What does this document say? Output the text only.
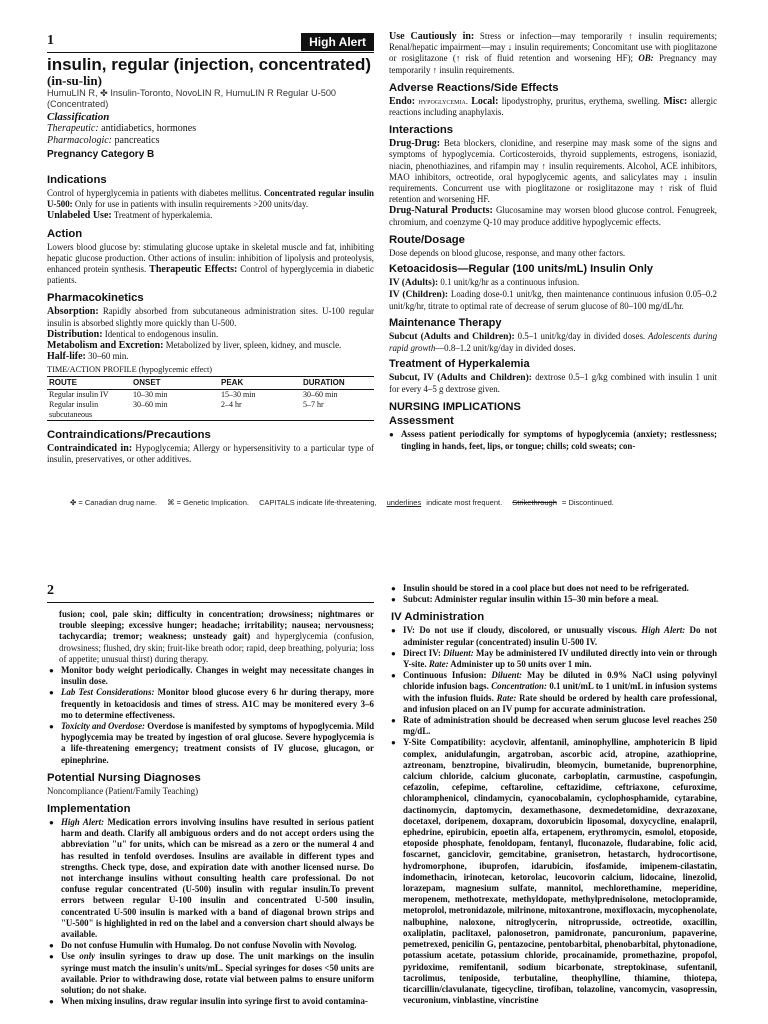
1	High Alert

insulin, regular (injection, concentrated)

(in-su-lin)

HumuLIN R, ✤ Insulin-Toronto, NovoLIN R, HumuLIN R Regular U-500

(Concentrated)

Classification

Therapeutic: antidiabetics, hormones

Pharmacologic: pancreatics

Pregnancy Category B

Indications

Control of hyperglycemia in patients with diabetes mellitus. Concentrated regular insulin U-500: Only for use in patients with insulin requirements >200 units/day.

Unlabeled Use: Treatment of hyperkalemia.

Action

Lowers blood glucose by: stimulating glucose uptake in skeletal muscle and fat, inhibiting hepatic glucose production. Other actions of insulin: inhibition of lipolysis and proteolysis, enhanced protein synthesis. Therapeutic Effects: Control of hyperglycemia in diabetic patients.

Pharmacokinetics

Absorption: Rapidly absorbed from subcutaneous administration sites. U-100 regular insulin is absorbed slightly more quickly than U-500.

Distribution: Identical to endogenous insulin.

Metabolism and Excretion: Metabolized by liver, spleen, kidney, and muscle.

Half-life: 30–60 min.

TIME/ACTION PROFILE (hypoglycemic effect)

ROUTE	ONSET	PEAK	DURATION
Regular insulin IV	10–30 min	15–30 min	30–60 min
Regular insulin subcutaneous	30–60 min	2–4 hr	5–7 hr
Contraindications/Precautions

Contraindicated in: Hypoglycemia; Allergy or hypersensitivity to a particular type of insulin, preservatives, or other additives.

Use Cautiously in: Stress or infection—may temporarily ↑ insulin requirements; Renal/hepatic impairment—may ↓ insulin requirements; Concomitant use with pioglitazone or rosiglitazone (↑ risk of fluid retention and worsening HF); OB: Pregnancy may temporarily ↑ insulin requirements.

Adverse Reactions/Side Effects

Endo: hypoglycemia. Local: lipodystrophy, pruritus, erythema, swelling. Misc: allergic reactions including anaphylaxis.

Interactions

Drug-Drug: Beta blockers, clonidine, and reserpine may mask some of the signs and symptoms of hypoglycemia. Corticosteroids, thyroid supplements, estrogens, isoniazid, niacin, phenothiazines, and rifampin may ↑ insulin requirements. Alcohol, ACE inhibitors, MAO inhibitors, octreotide, oral hypoglycemic agents, and salicylates may ↓ insulin requirements. Concurrent use with pioglitazone or rosiglitazone may ↑ risk of fluid retention and worsening HF.

Drug-Natural Products: Glucosamine may worsen blood glucose control. Fenugreek, chromium, and coenzyme Q-10 may produce additive hypoglycemic effects.

Route/Dosage

Dose depends on blood glucose, response, and many other factors.

Ketoacidosis—Regular (100 units/mL) Insulin Only

IV (Adults): 0.1 unit/kg/hr as a continuous infusion.

IV (Children): Loading dose-0.1 unit/kg, then maintenance continuous infusion 0.05–0.2 unit/kg/hr, titrate to optimal rate of decrease of serum glucose of 80–100 mg/dL/hr.

Maintenance Therapy

Subcut (Adults and Children): 0.5–1 unit/kg/day in divided doses. Adolescents during rapid growth—0.8–1.2 unit/kg/day in divided doses.

Treatment of Hyperkalemia

Subcut, IV (Adults and Children): dextrose 0.5–1 g/kg combined with insulin 1 unit for every 4–5 g dextrose given.

NURSING IMPLICATIONS
Assessment
● Assess patient periodically for symptoms of hypoglycemia (anxiety; restlessness; tingling in hands, feet, lips, or tongue; chills; cold sweats; con-
✤ = Canadian drug name. ⌘ = Genetic Implication. CAPITALS indicate life-threatening, underlines indicate most frequent. Strikethrough = Discontinued.
2

fusion; cool, pale skin; difficulty in concentration; drowsiness; nightmares or trouble sleeping; excessive hunger; headache; irritability; nausea; nervousness; tachycardia; tremor; weakness; unsteady gait) and hyperglycemia (confusion, drowsiness; flushed, dry skin; fruit-like breath odor; rapid, deep breathing, polyuria; loss of appetite; unusual thirst) during therapy.

● Monitor body weight periodically. Changes in weight may necessitate changes in insulin dose.
● Lab Test Considerations: Monitor blood glucose every 6 hr during therapy, more frequently in ketoacidosis and times of stress. A1C may be monitered every 3–6 mo to determine effectiveness.
● Toxicity and Overdose: Overdose is manifested by symptoms of hypoglycemia. Mild hypoglycemia may be treated by ingestion of oral glucose. Severe hypoglycemia is a life-threatening emergency; treatment consists of IV glucose, glucagon, or epinephrine.
Potential Nursing Diagnoses

Noncompliance (Patient/Family Teaching)

Implementation
● High Alert: Medication errors involving insulins have resulted in serious patient harm and death. Clarify all ambiguous orders and do not accept orders using the abbreviation "u" for units, which can be misread as a zero or the numeral 4 and has resulted in tenfold overdoses. Insulins are available in different types and strengths. Check type, dose, and expiration date with another licensed nurse. Do not interchange insulins without consulting health care professional. Do not confuse regular concentrated (U-500) insulin with regular insulin.To prevent errors between regular U-100 insulin and concentrated U-500 insulin, concentrated U-500 insulin is marked with a band of diagonal brown strips and "U-500" is highlighted in red on the label and a conversion chart should always be available.
● Do not confuse Humulin with Humalog. Do not confuse Novolin with Novolog.
● Use only insulin syringes to draw up dose. The unit markings on the insulin syringe must match the insulin's units/mL. Special syringes for doses <50 units are available. Prior to withdrawing dose, rotate vial between palms to ensure uniform solution; do not shake.
● When mixing insulins, draw regular insulin into syringe first to avoid contamina-
● Insulin should be stored in a cool place but does not need to be refrigerated.
● Subcut: Administer regular insulin within 15–30 min before a meal.
IV Administration
● IV: Do not use if cloudy, discolored, or unusually viscous. High Alert: Do not administer regular (concentrated) insulin U-500 IV.
● Direct IV: Diluent: May be administered IV undiluted directly into vein or through Y-site. Rate: Administer up to 50 units over 1 min.
● Continuous Infusion: Diluent: May be diluted in 0.9% NaCl using polyvinyl chloride infusion bags. Concentration: 0.1 unit/mL to 1 unit/mL in infusion systems with the infusion fluids. Rate: Rate should be ordered by health care professional, and infusion placed on an IV pump for accurate administration.
● Rate of administration should be decreased when serum glucose level reaches 250 mg/dL.
● Y-Site Compatibility: acyclovir, alfentanil, aminophylline, amphotericin B lipid complex, anidulafungin, argatroban, ascorbic acid, atropine, azathioprine, aztreonam, benztropine, bivalirudin, bleomycin, bumetanide, buprenorphine, calcium chloride, calcium gluconate, carboplatin, carmustine, caspofungin, cefazolin, cefepime, ceftaroline, ceftazidime, ceftriaxone, cefuroxime, chloramphenicol, clindamycin, cyanocobalamin, cyclophosphamide, cytarabine, dactinomycin, daptomycin, dexamethasone, dexmedetomidine, dexrazoxane, docetaxel, doripenem, doxapram, doxorubicin liposomal, doxycycline, enalapril, ephedrine, epirubicin, epoetin alfa, ertapenem, erythromycin, esmolol, etoposide, etoposide phosphate, fenoldopam, fentanyl, fluconazole, fludarabine, folic acid, foscarnet, ganciclovir, gemcitabine, granisetron, hetastarch, hydrocortisone, hydromorphone, ibuprofen, idarubicin, ifosfamide, imipenem-cilastatin, indomethacin, irinotecan, ketorolac, leucovorin calcium, lidocaine, linezolid, lorazepam, magnesium sulfate, mannitol, mechlorethamine, meperidine, meropenem, methotrexate, methyldopate, methylprednisolone, metoclopramide, metoprolol, metronidazole, milrinone, mitoxantrone, moxifloxacin, mycophenolate, nalbuphine, naloxone, nitroglycerin, nitroprusside, octreotide, oxacillin, oxaliplatin, paclitaxel, palonosetron, pamidronate, pancuronium, papaverine, pemetrexed, penicilin G, pentazocine, pentobarbital, phenobarbital, phytonadione, potassium acetate, potassium chloride, procainamide, promethazine, propofol, pyridoxime, remifentanil, sodium bicarbonate, streptokinase, sufentanil, tacrolimus, teniposide, terbutaline, theophylline, thiamine, thiotepa, ticarcillin/clavulanate, tigecycline, tirofiban, tolazoline, vancomycin, vasopressin, vecuronium, vinblastine, vincristine
